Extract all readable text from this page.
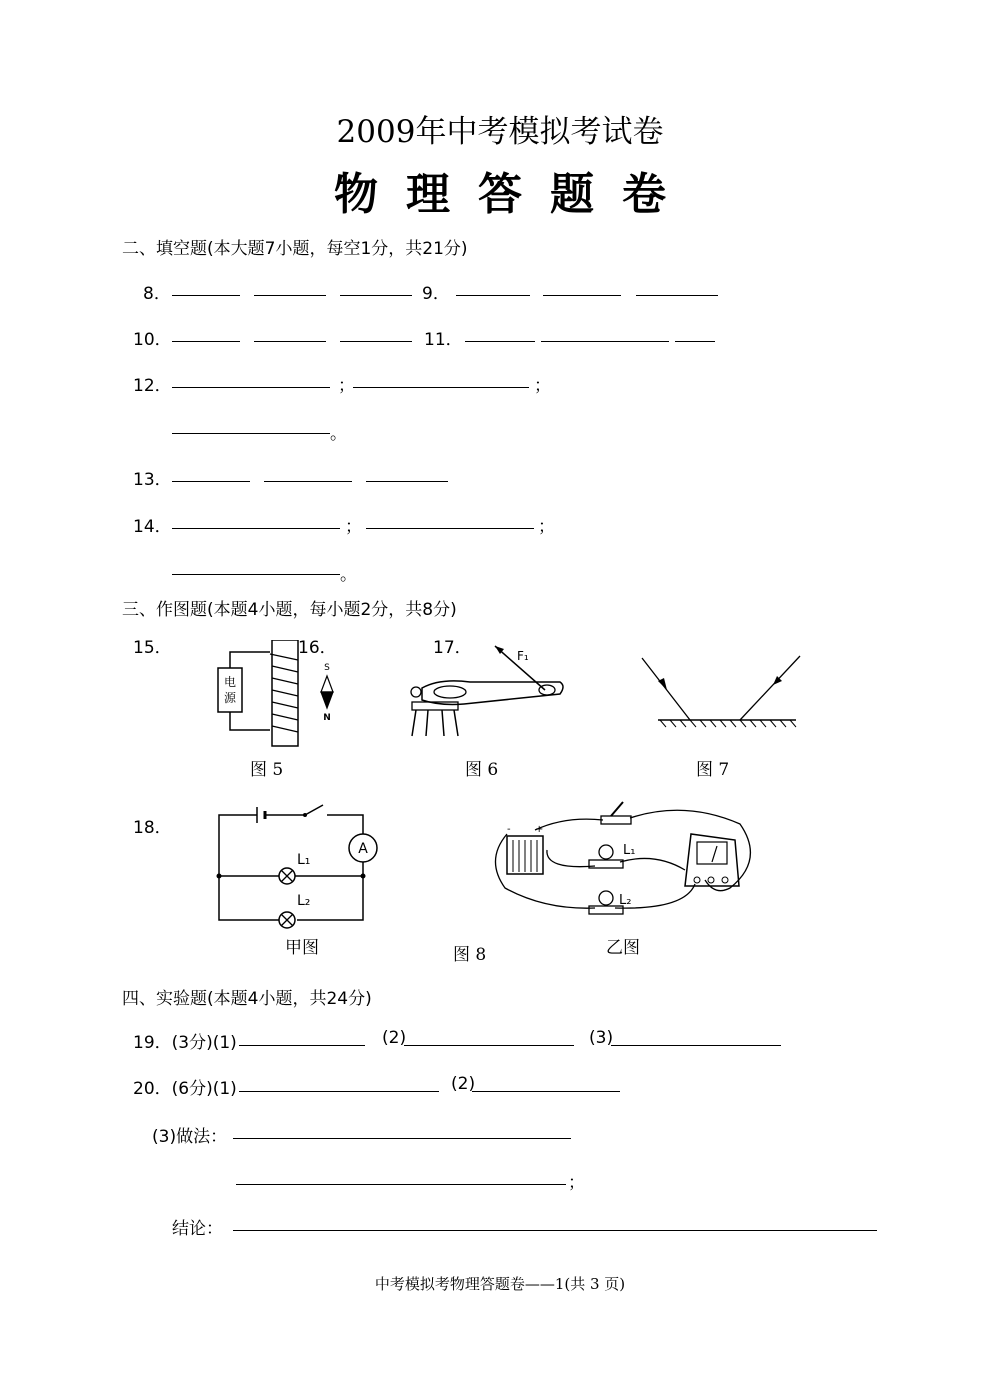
2009年中考模拟考试卷
物理答题卷
二、填空题(本大题7小题，每空1分，共21分)
8．	9．
10．	11．
12．	；	；
。
13．
14．	；	；
。
三、作图题(本题4小题，每小题2分，共8分)
15．	16．	17．
电
源
S
N
F₁
图 5	图 6	图 7
18．
A
L₁
L₂
- +
L₁
L₂
甲图	图 8	乙图
四、实验题(本题4小题，共24分)
19．(3分)(1)	(2)	(3)
20．(6分)(1)	(2)
(3)做法：
；
结论：
中考模拟考物理答题卷——1(共 3 页)
